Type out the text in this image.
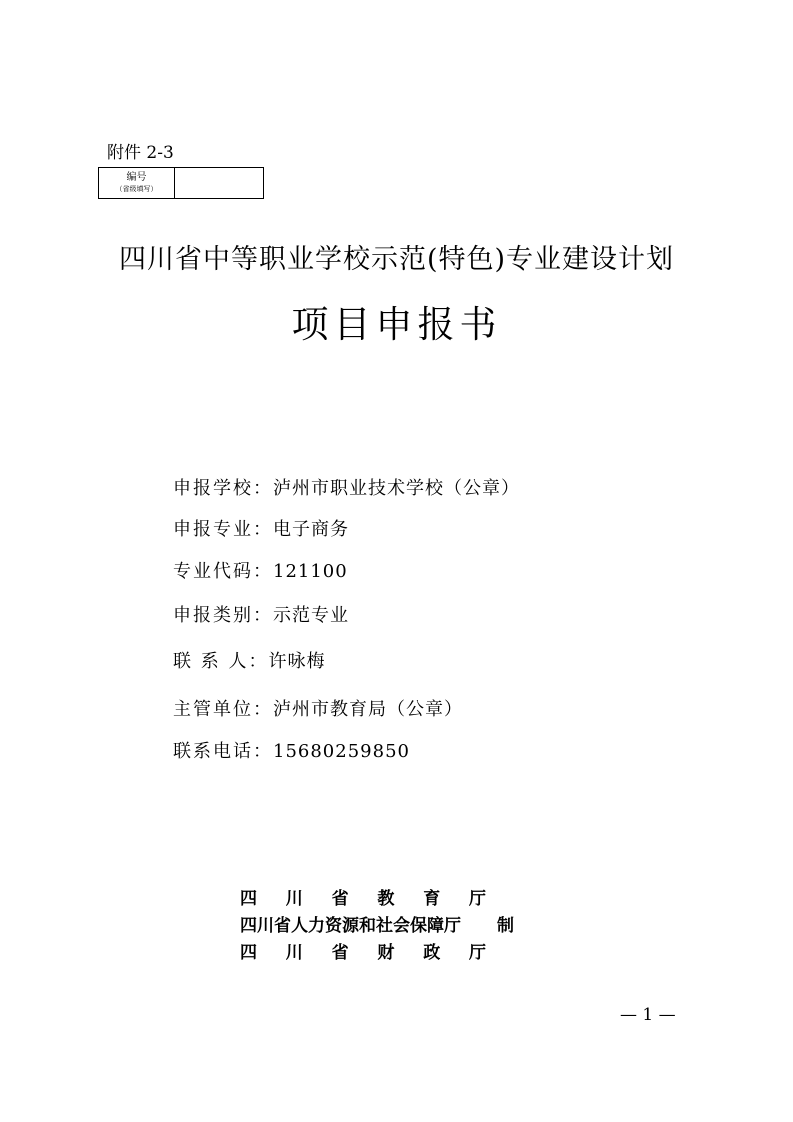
附件 2-3
编号
（省级填写）
四川省中等职业学校示范(特色)专业建设计划
项目申报书
申报学校：泸州市职业技术学校（公章）
申报专业：电子商务
专业代码：121100
申报类别：示范专业
联 系 人：许咏梅
主管单位：泸州市教育局（公章）
联系电话：15680259850
四 川 省 教 育 厅
四川省人力资源和社会保障厅 制
四 川 省 财 政 厅
— 1 —
